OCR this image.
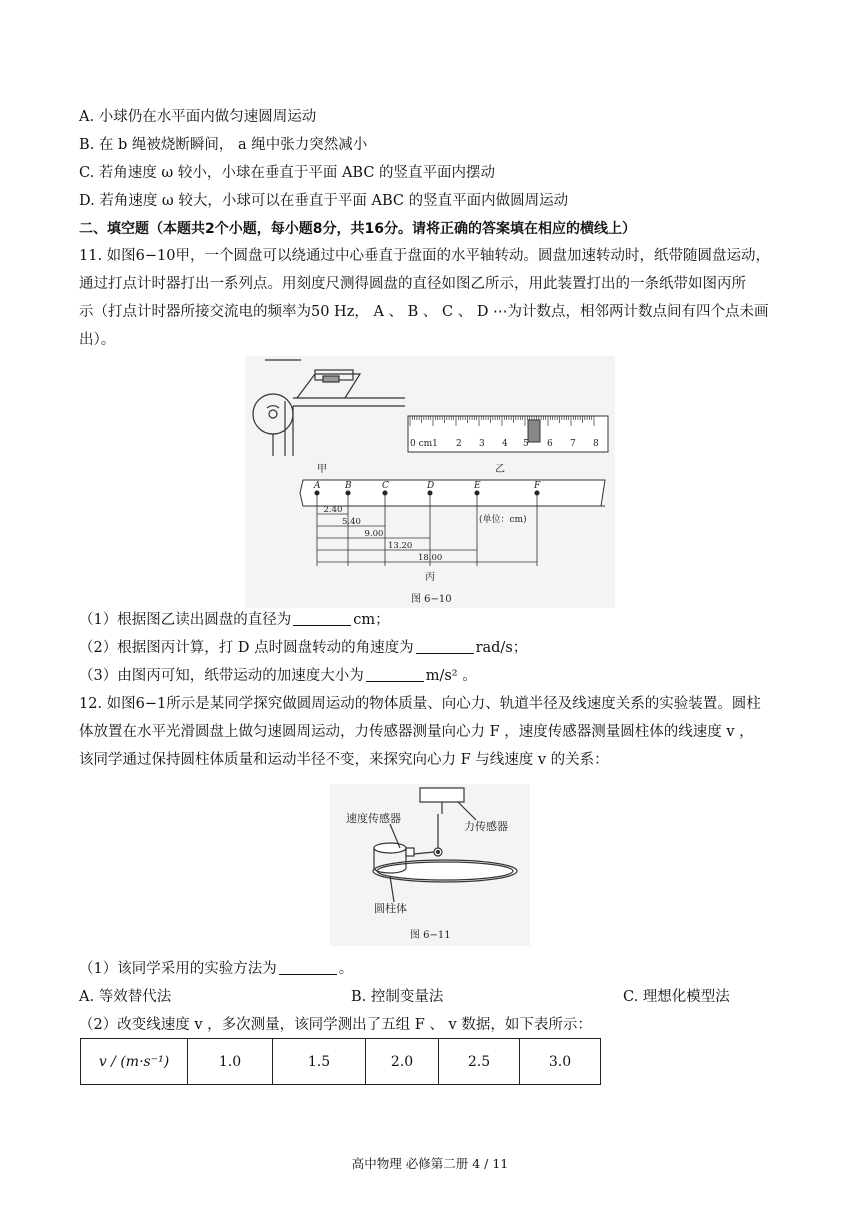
A. 小球仍在水平面内做匀速圆周运动
B. 在 b 绳被烧断瞬间， a 绳中张力突然减小
C. 若角速度 ω 较小，小球在垂直于平面 ABC 的竖直平面内摆动
D. 若角速度 ω 较大，小球可以在垂直于平面 ABC 的竖直平面内做圆周运动
二、填空题（本题共2个小题，每小题8分，共16分。请将正确的答案填在相应的横线上）
11. 如图6−10甲，一个圆盘可以绕通过中心垂直于盘面的水平轴转动。圆盘加速转动时，纸带随圆盘运动，
通过打点计时器打出一系列点。用刻度尺测得圆盘的直径如图乙所示，用此装置打出的一条纸带如图丙所
示（打点计时器所接交流电的频率为50 Hz， A 、 B 、 C 、 D ⋯为计数点，相邻两计数点间有四个点未画
出）。
0 cm1 2 3 4 5 6 7 8
甲	乙
A	B	C	D	E	F
2.40
5.40
9.00
13.20
18.00
(单位：cm)
丙
图 6−10
（1）根据图乙读出圆盘的直径为	cm；
（2）根据图丙计算，打 D 点时圆盘转动的角速度为	rad/s；
（3）由图丙可知，纸带运动的加速度大小为	m/s² 。
12. 如图6−1所示是某同学探究做圆周运动的物体质量、向心力、轨道半径及线速度关系的实验装置。圆柱
体放置在水平光滑圆盘上做匀速圆周运动，力传感器测量向心力 F ，速度传感器测量圆柱体的线速度 v ，
该同学通过保持圆柱体质量和运动半径不变，来探究向心力 F 与线速度 v 的关系：
速度传感器
力传感器
圆柱体
图 6−11
（1）该同学采用的实验方法为	。
A. 等效替代法	B. 控制变量法	C. 理想化模型法
（2）改变线速度 v ，多次测量，该同学测出了五组 F 、 v 数据，如下表所示：
v / (m·s⁻¹)	1.0	1.5	2.0	2.5	3.0
高中物理 必修第二册 4 / 11
